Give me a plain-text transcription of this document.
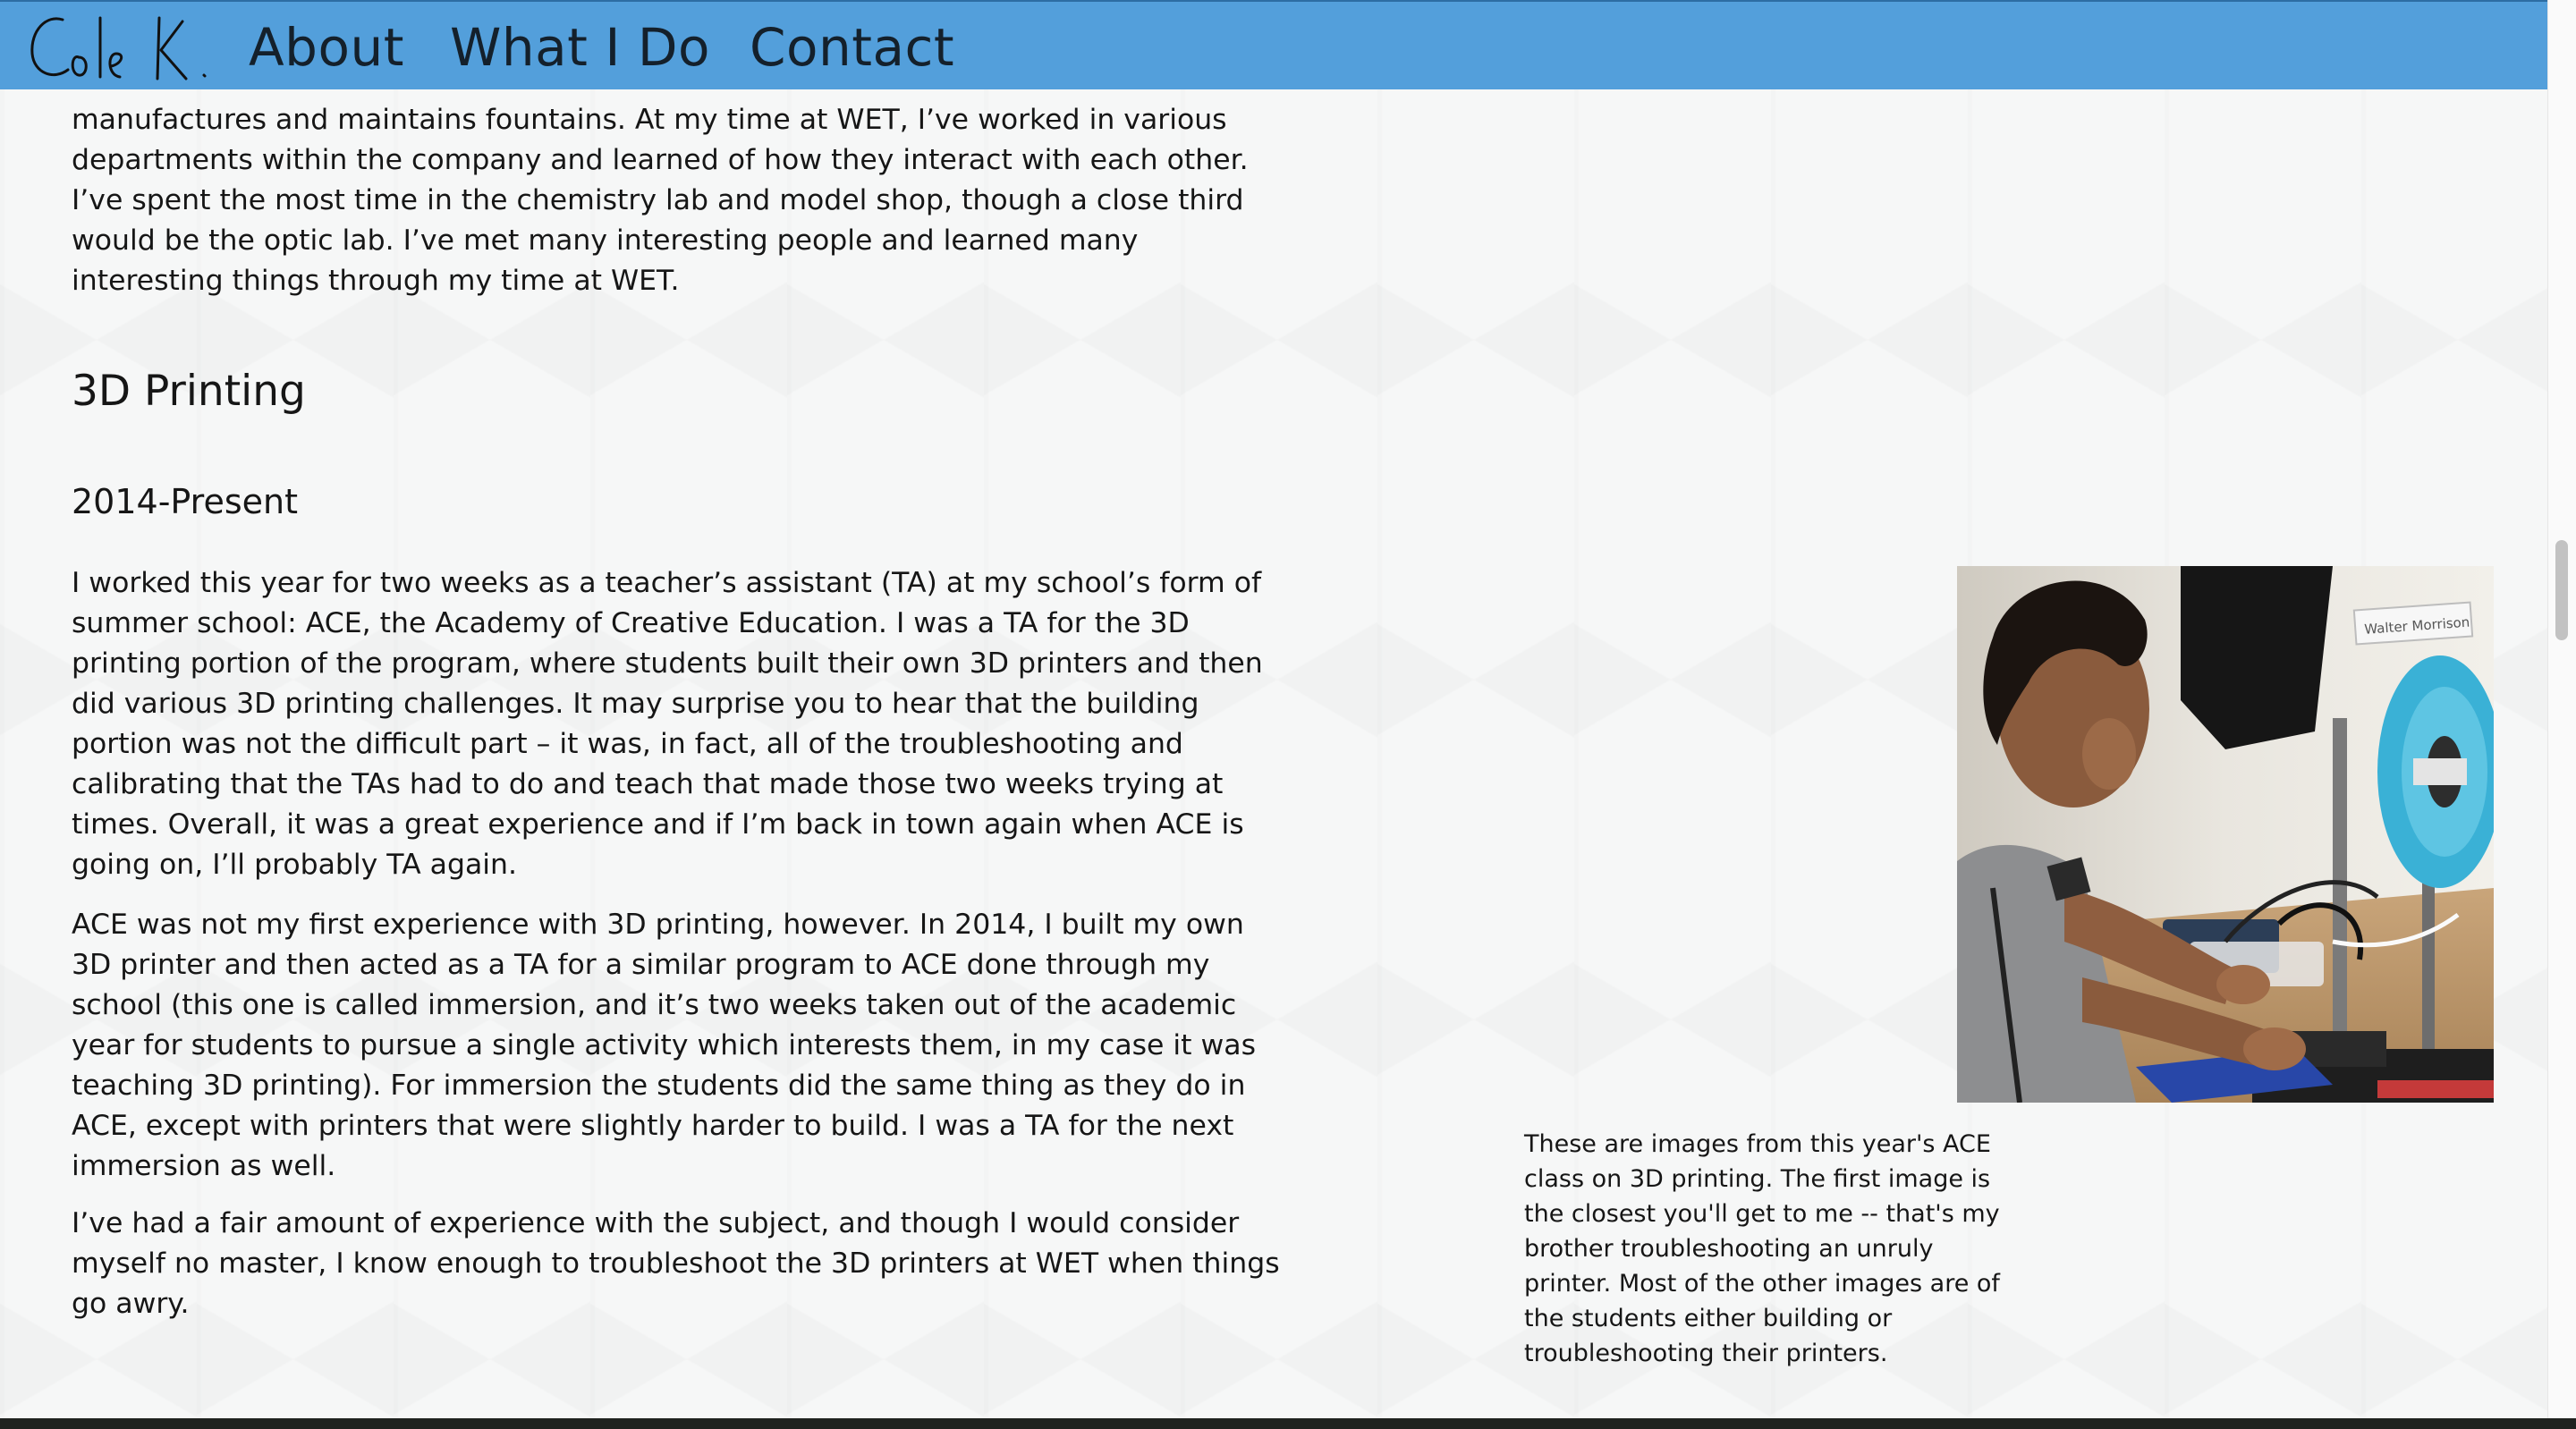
About What I Do Contact

manufactures and maintains fountains. At my time at WET, I’ve worked in various departments within the company and learned of how they interact with each other. I’ve spent the most time in the chemistry lab and model shop, though a close third would be the optic lab. I’ve met many interesting people and learned many interesting things through my time at WET.

3D Printing
2014-Present

I worked this year for two weeks as a teacher’s assistant (TA) at my school’s form of summer school: ACE, the Academy of Creative Education. I was a TA for the 3D printing portion of the program, where students built their own 3D printers and then did various 3D printing challenges. It may surprise you to hear that the building portion was not the difficult part – it was, in fact, all of the troubleshooting and calibrating that the TAs had to do and teach that made those two weeks trying at times. Overall, it was a great experience and if I’m back in town again when ACE is going on, I’ll probably TA again.

ACE was not my first experience with 3D printing, however. In 2014, I built my own 3D printer and then acted as a TA for a similar program to ACE done through my school (this one is called immersion, and it’s two weeks taken out of the academic year for students to pursue a single activity which interests them, in my case it was teaching 3D printing). For immersion the students did the same thing as they do in ACE, except with printers that were slightly harder to build. I was a TA for the next immersion as well.

I’ve had a fair amount of experience with the subject, and though I would consider myself no master, I know enough to troubleshoot the 3D printers at WET when things go awry.

Walter Morrison

These are images from this year's ACE class on 3D printing. The first image is the closest you'll get to me -- that's my brother troubleshooting an unruly printer. Most of the other images are of the students either building or troubleshooting their printers.
